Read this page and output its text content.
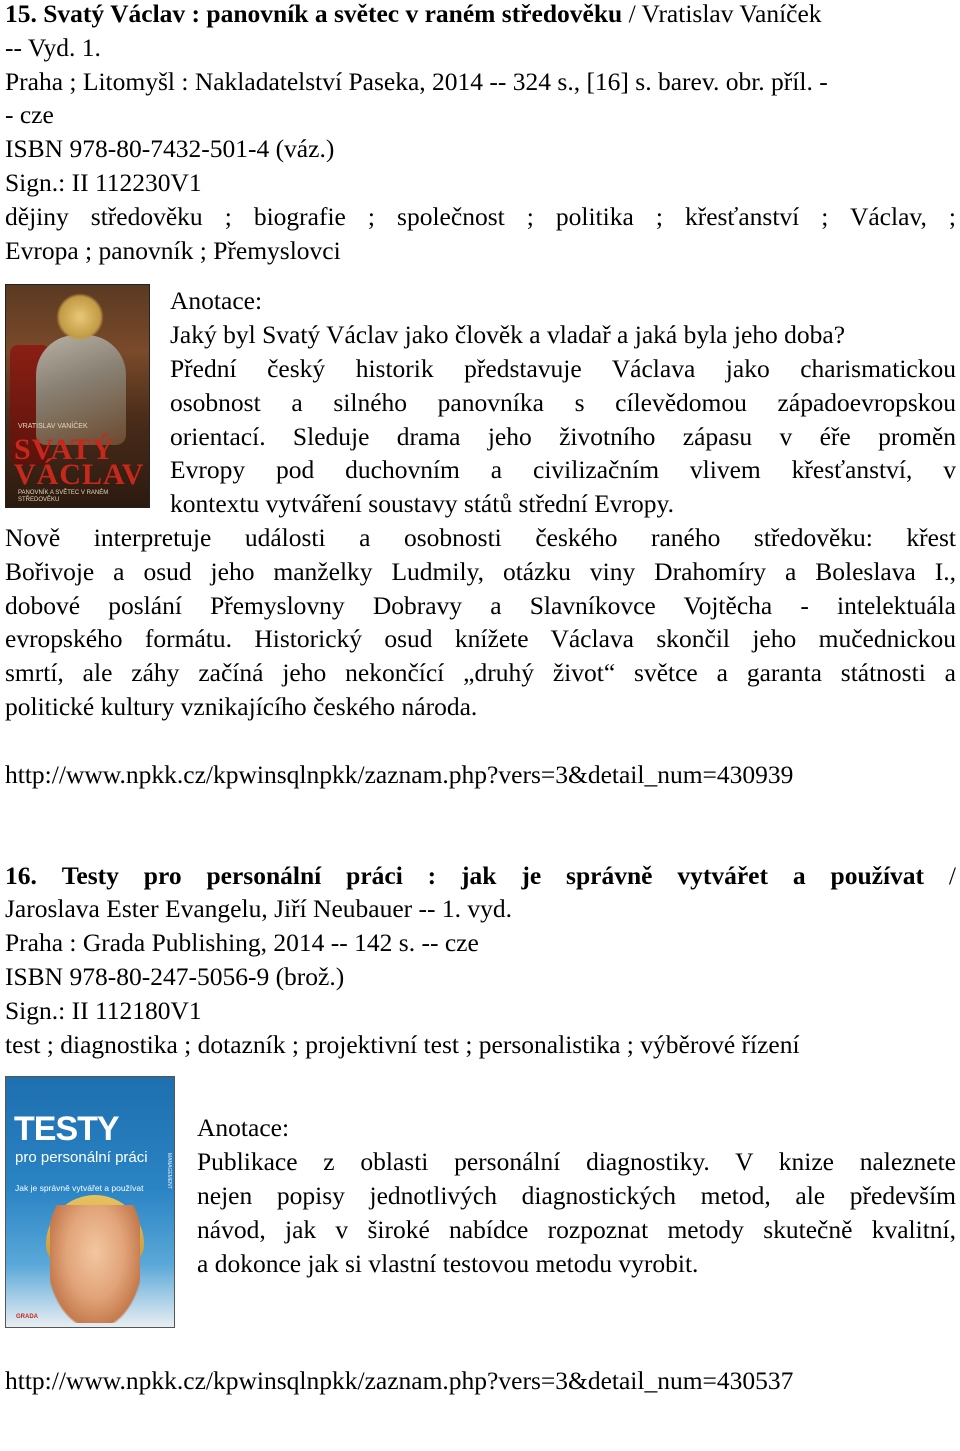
15. Svatý Václav : panovník a světec v raném středověku / Vratislav Vaníček
-- Vyd. 1.
Praha ; Litomyšl : Nakladatelství Paseka, 2014 -- 324 s., [16] s. barev. obr. příl. -
- cze
ISBN 978-80-7432-501-4 (váz.)
Sign.: II 112230V1
dějiny středověku ; biografie ; společnost ; politika ; křesťanství ; Václav, ;
Evropa ; panovník ; Přemyslovci
VRATISLAV VANÍČEK
SVATÝ
VÁCLAV
PANOVNÍK A SVĚTEC V RANÉM STŘEDOVĚKU
Anotace:
Jaký byl Svatý Václav jako člověk a vladař a jaká byla jeho doba?
Přední český historik představuje Václava jako charismatickou
osobnost a silného panovníka s cílevědomou západoevropskou
orientací. Sleduje drama jeho životního zápasu v éře proměn
Evropy pod duchovním a civilizačním vlivem křesťanství, v
kontextu vytváření soustavy států střední Evropy.
Nově interpretuje události a osobnosti českého raného středověku: křest
Bořivoje a osud jeho manželky Ludmily, otázku viny Drahomíry a Boleslava I.,
dobové poslání Přemyslovny Dobravy a Slavníkovce Vojtěcha - intelektuála
evropského formátu. Historický osud knížete Václava skončil jeho mučednickou
smrtí, ale záhy začíná jeho nekončící „druhý život“ světce a garanta státnosti a
politické kultury vznikajícího českého národa.
http://www.npkk.cz/kpwinsqlnpkk/zaznam.php?vers=3&detail_num=430939
16. Testy pro personální práci : jak je správně vytvářet a používat /
Jaroslava Ester Evangelu, Jiří Neubauer -- 1. vyd.
Praha : Grada Publishing, 2014 -- 142 s. -- cze
ISBN 978-80-247-5056-9 (brož.)
Sign.: II 112180V1
test ; diagnostika ; dotazník ; projektivní test ; personalistika ; výběrové řízení
TESTY
pro personální práci	MANAGEMENT
Jak je správně vytvářet a používat
GRADA
Anotace:
Publikace z oblasti personální diagnostiky. V knize naleznete
nejen popisy jednotlivých diagnostických metod, ale především
návod, jak v široké nabídce rozpoznat metody skutečně kvalitní,
a dokonce jak si vlastní testovou metodu vyrobit.
http://www.npkk.cz/kpwinsqlnpkk/zaznam.php?vers=3&detail_num=430537
